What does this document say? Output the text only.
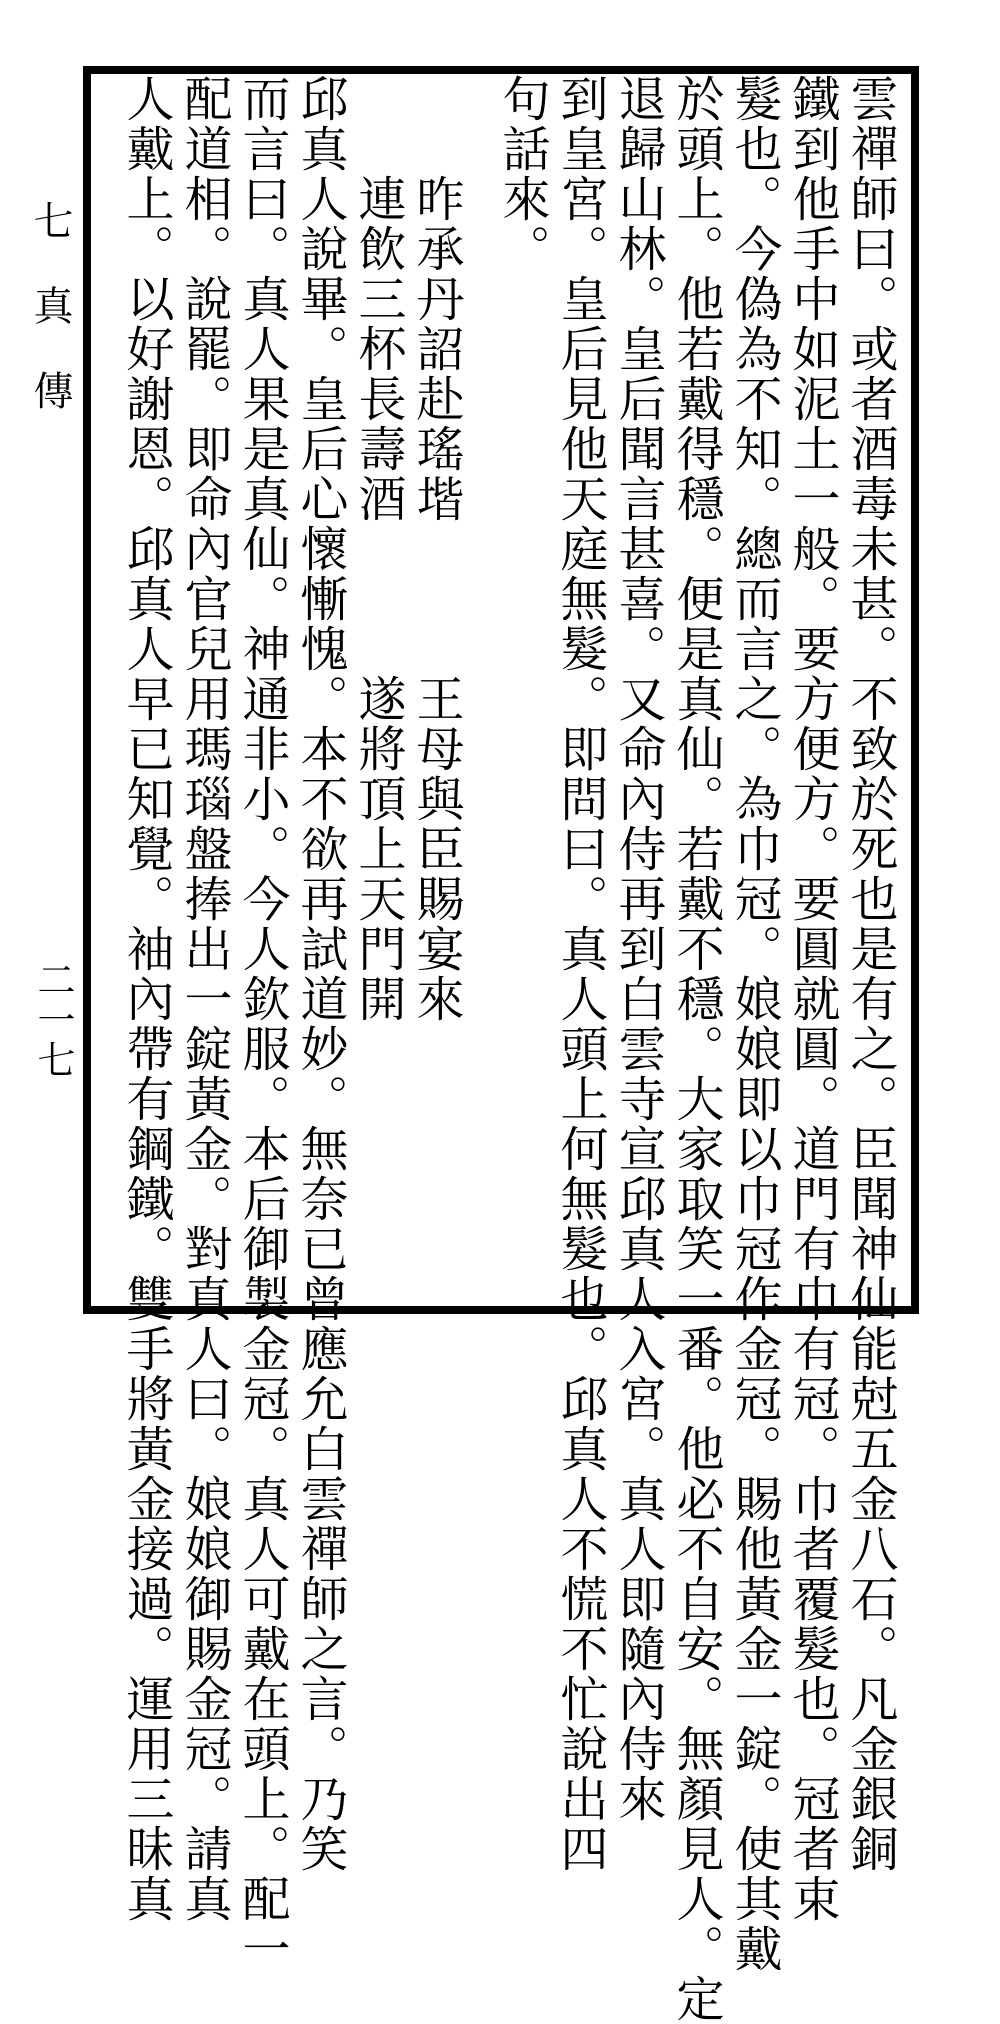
七真傳
二一七	雲禪師曰。或者酒毒未甚。不致於死也是有之。臣聞神仙能尅五金八石。凡金銀銅
鐵到他手中如泥土一般。要方便方。要圓就圓。道門有巾有冠。巾者覆髮也。冠者束
髮也。今偽為不知。總而言之。為巾冠。娘娘即以巾冠作金冠。賜他黃金一錠。使其戴
於頭上。他若戴得穩。便是真仙。若戴不穩。大家取笑一番。他必不自安。無顏見人。定
退歸山林。皇后聞言甚喜。又命內侍再到白雲寺宣邱真人入宮。真人即隨內侍來
到皇宮。皇后見他天庭無髮。即問曰。真人頭上何無髮也。邱真人不慌不忙說出四
句話來。
　　昨承丹詔赴瑤堦　　　王母與臣賜宴來
　　連飲三杯長壽酒　　　遂將頂上天門開
邱真人說畢。皇后心懷慚愧。本不欲再試道妙。無奈已曾應允白雲禪師之言。乃笑
而言曰。真人果是真仙。神通非小。今人欽服。本后御製金冠。真人可戴在頭上。配一
配道相。說罷。即命內官兒用瑪瑙盤捧出一錠黃金。對真人曰。娘娘御賜金冠。請真
人戴上。以好謝恩。邱真人早已知覺。袖內帶有鋼鐵。雙手將黃金接過。運用三昧真
